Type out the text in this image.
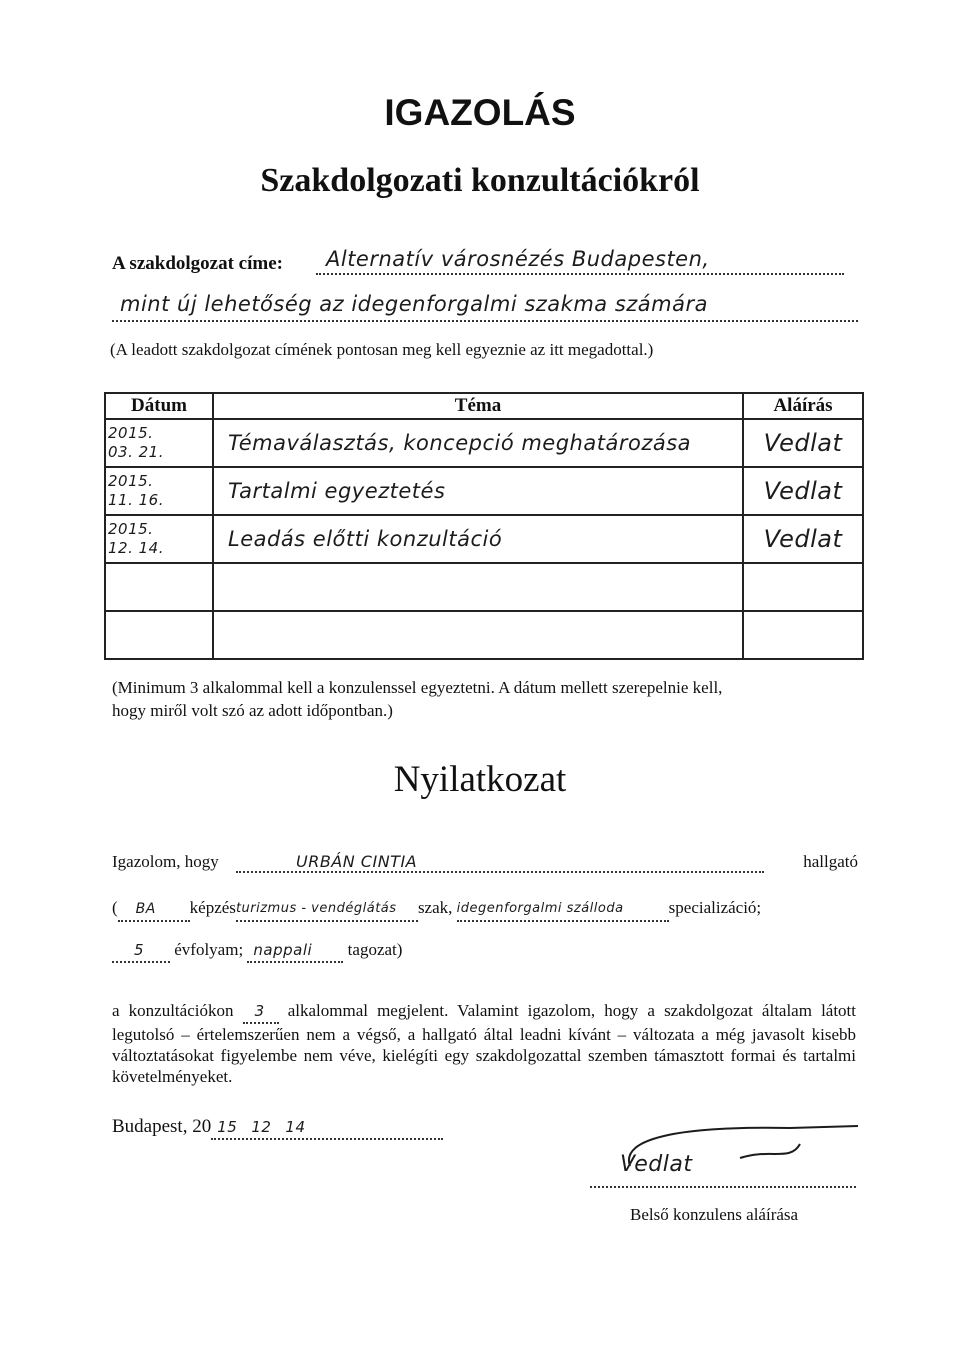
IGAZOLÁS
Szakdolgozati konzultációkról
A szakdolgozat címe:	Alternatív városnézés Budapesten,
mint új lehetőség az idegenforgalmi szakma számára
(A leadott szakdolgozat címének pontosan meg kell egyeznie az itt megadottal.)
Dátum	Téma	Aláírás
2015.
03. 21.	Témaválasztás, koncepció meghatározása	Vedlat
2015.
11. 16.	Tartalmi egyeztetés	Vedlat
2015.
12. 14.	Leadás előtti konzultáció	Vedlat

(Minimum 3 alkalommal kell a konzulenssel egyeztetni. A dátum mellett szerepelnie kell,
hogy miről volt szó az adott időpontban.)
Nyilatkozat
Igazolom, hogy	URBÁN CINTIA	hallgató
( BA képzésturizmus - vendéglátás szak, idegenforgalmi szálloda	specializáció;
5 évfolyam; nappali tagozat)
a konzultációkon 3 alkalommal megjelent. Valamint igazolom, hogy a szakdolgozat általam látott legutolsó – értelemszerűen nem a végső, a hallgató által leadni kívánt – változata a még javasolt kisebb változtatásokat figyelembe nem véve, kielégíti egy szakdolgozattal szemben támasztott formai és tartalmi követelményeket.
Budapest, 20 15 12 14
Vedlat
Belső konzulens aláírása
